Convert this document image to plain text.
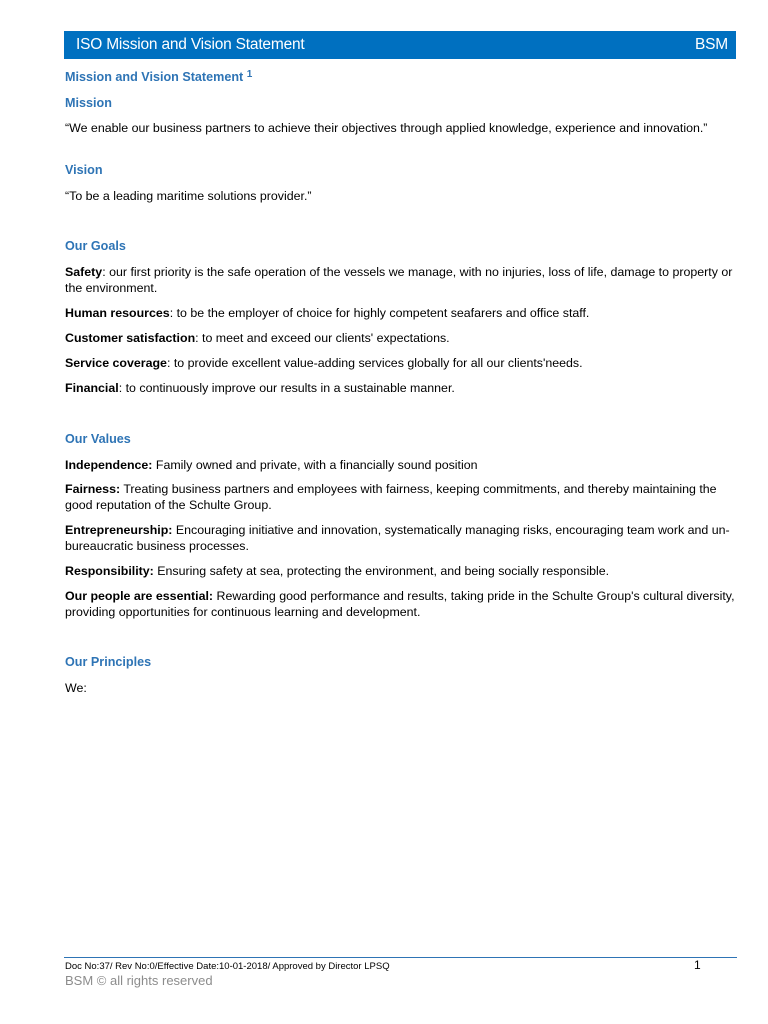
ISO Mission and Vision Statement	BSM
Mission and Vision Statement $^1$
Mission

“We enable our business partners to achieve their objectives through applied knowledge, experience and innovation.”

Vision

“To be a leading maritime solutions provider.”

Our Goals

Safety: our first priority is the safe operation of the vessels we manage, with no injuries, loss of life, damage to property or the environment.

Human resources: to be the employer of choice for highly competent seafarers and office staff.

Customer satisfaction: to meet and exceed our clients' expectations.

Service coverage: to provide excellent value-adding services globally for all our clients'needs.

Financial: to continuously improve our results in a sustainable manner.

Our Values

Independence: Family owned and private, with a financially sound position

Fairness: Treating business partners and employees with fairness, keeping commitments, and thereby maintaining the good reputation of the Schulte Group.

Entrepreneurship: Encouraging initiative and innovation, systematically managing risks, encouraging team work and un-bureaucratic business processes.

Responsibility: Ensuring safety at sea, protecting the environment, and being socially responsible.

Our people are essential: Rewarding good performance and results, taking pride in the Schulte Group's cultural diversity, providing opportunities for continuous learning and development.

Our Principles

We:

Doc No:37/ Rev No:0/Effective Date:10-01-2018/ Approved by Director LPSQ	1
BSM © all rights reserved
